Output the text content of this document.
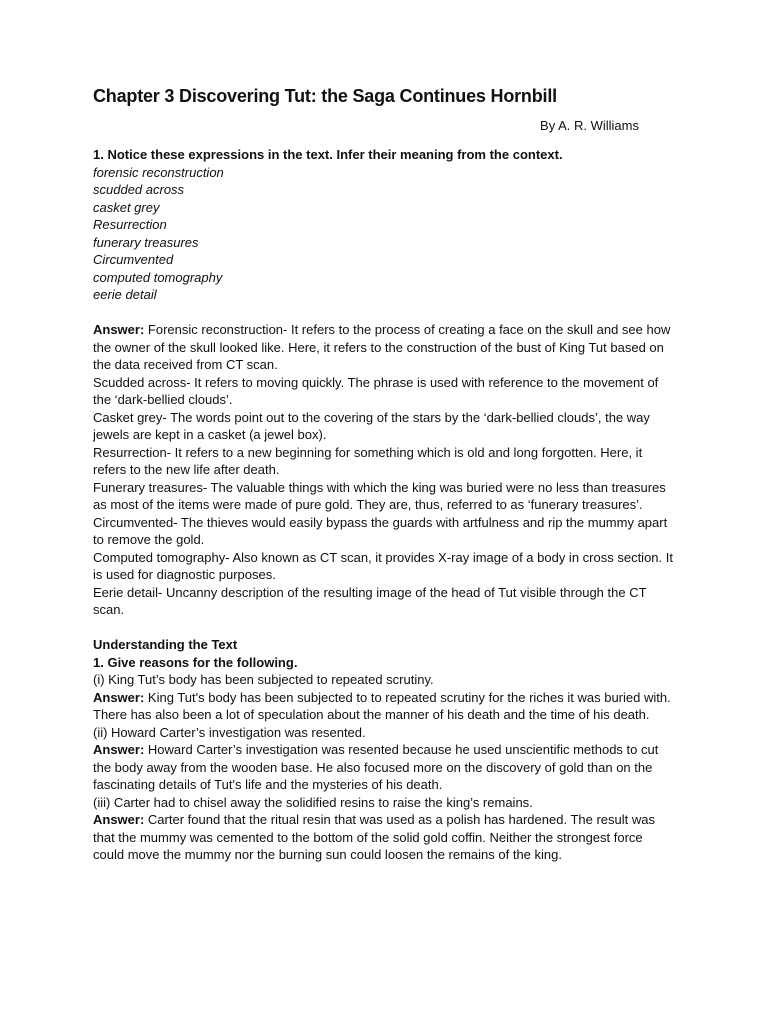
Chapter 3 Discovering Tut: the Saga Continues Hornbill
By A. R. Williams

1. Notice these expressions in the text. Infer their meaning from the context.

forensic reconstruction
scudded across
casket grey
Resurrection
funerary treasures
Circumvented
computed tomography
eerie detail

Answer: Forensic reconstruction- It refers to the process of creating a face on the skull and see how the owner of the skull looked like. Here, it refers to the construction of the bust of King Tut based on the data received from CT scan.

Scudded across- It refers to moving quickly. The phrase is used with reference to the movement of the ‘dark-bellied clouds’.

Casket grey- The words point out to the covering of the stars by the ‘dark-bellied clouds’, the way jewels are kept in a casket (a jewel box).

Resurrection- It refers to a new beginning for something which is old and long forgotten. Here, it refers to the new life after death.

Funerary treasures- The valuable things with which the king was buried were no less than treasures as most of the items were made of pure gold. They are, thus, referred to as ‘funerary treasures’.

Circumvented- The thieves would easily bypass the guards with artfulness and rip the mummy apart to remove the gold.

Computed tomography- Also known as CT scan, it provides X-ray image of a body in cross section. It is used for diagnostic purposes.

Eerie detail- Uncanny description of the resulting image of the head of Tut visible through the CT scan.

Understanding the Text

1. Give reasons for the following.

(i) King Tut’s body has been subjected to repeated scrutiny.

Answer: King Tut's body has been subjected to to repeated scrutiny for the riches it was buried with. There has also been a lot of speculation about the manner of his death and the time of his death.

(ii) Howard Carter’s investigation was resented.

Answer: Howard Carter’s investigation was resented because he used unscientific methods to cut the body away from the wooden base. He also focused more on the discovery of gold than on the fascinating details of Tut's life and the mysteries of his death.

(iii) Carter had to chisel away the solidified resins to raise the king’s remains.

Answer: Carter found that the ritual resin that was used as a polish has hardened. The result was that the mummy was cemented to the bottom of the solid gold coffin. Neither the strongest force could move the mummy nor the burning sun could loosen the remains of the king.
